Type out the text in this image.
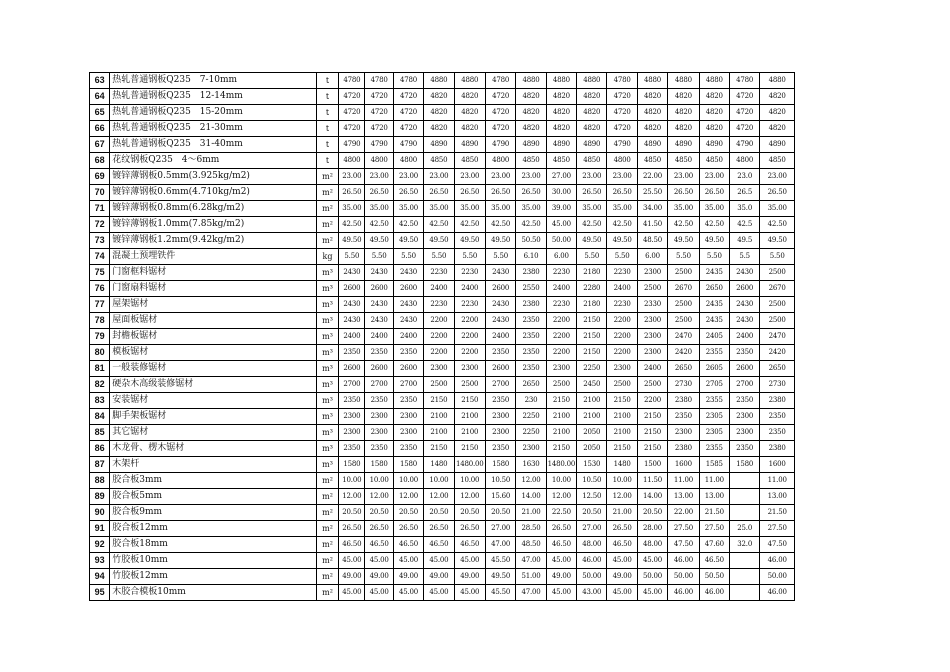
63	热轧普通钢板Q235　7-10mm	t	4780	4780	4780	4880	4880	4780	4880	4880	4880	4780	4880	4880	4880	4780	4880
64	热轧普通钢板Q235　12-14mm	t	4720	4720	4720	4820	4820	4720	4820	4820	4820	4720	4820	4820	4820	4720	4820
65	热轧普通钢板Q235　15-20mm	t	4720	4720	4720	4820	4820	4720	4820	4820	4820	4720	4820	4820	4820	4720	4820
66	热轧普通钢板Q235　21-30mm	t	4720	4720	4720	4820	4820	4720	4820	4820	4820	4720	4820	4820	4820	4720	4820
67	热轧普通钢板Q235　31-40mm	t	4790	4790	4790	4890	4890	4790	4890	4890	4890	4790	4890	4890	4890	4790	4890
68	花纹钢板Q235　4～6mm	t	4800	4800	4800	4850	4850	4800	4850	4850	4850	4800	4850	4850	4850	4800	4850
69	镀锌薄钢板0.5mm(3.925kg/m2)	m²	23.00	23.00	23.00	23.00	23.00	23.00	23.00	27.00	23.00	23.00	22.00	23.00	23.00	23.0	23.00
70	镀锌薄钢板0.6mm(4.710kg/m2)	m²	26.50	26.50	26.50	26.50	26.50	26.50	26.50	30.00	26.50	26.50	25.50	26.50	26.50	26.5	26.50
71	镀锌薄钢板0.8mm(6.28kg/m2)	m²	35.00	35.00	35.00	35.00	35.00	35.00	35.00	39.00	35.00	35.00	34.00	35.00	35.00	35.0	35.00
72	镀锌薄钢板1.0mm(7.85kg/m2)	m²	42.50	42.50	42.50	42.50	42.50	42.50	42.50	45.00	42.50	42.50	41.50	42.50	42.50	42.5	42.50
73	镀锌薄钢板1.2mm(9.42kg/m2)	m²	49.50	49.50	49.50	49.50	49.50	49.50	50.50	50.00	49.50	49.50	48.50	49.50	49.50	49.5	49.50
74	混凝土预埋铁件	kg	5.50	5.50	5.50	5.50	5.50	5.50	6.10	6.00	5.50	5.50	6.00	5.50	5.50	5.5	5.50
75	门窗框料锯材	m³	2430	2430	2430	2230	2230	2430	2380	2230	2180	2230	2300	2500	2435	2430	2500
76	门窗扇料锯材	m³	2600	2600	2600	2400	2400	2600	2550	2400	2280	2400	2500	2670	2650	2600	2670
77	屋架锯材	m³	2430	2430	2430	2230	2230	2430	2380	2230	2180	2230	2330	2500	2435	2430	2500
78	屋面板锯材	m³	2430	2430	2430	2200	2200	2430	2350	2200	2150	2200	2300	2500	2435	2430	2500
79	封檐板锯材	m³	2400	2400	2400	2200	2200	2400	2350	2200	2150	2200	2300	2470	2405	2400	2470
80	模板锯材	m³	2350	2350	2350	2200	2200	2350	2350	2200	2150	2200	2300	2420	2355	2350	2420
81	一般装修锯材	m³	2600	2600	2600	2300	2300	2600	2350	2300	2250	2300	2400	2650	2605	2600	2650
82	硬杂木高级装修锯材	m³	2700	2700	2700	2500	2500	2700	2650	2500	2450	2500	2500	2730	2705	2700	2730
83	安装锯材	m³	2350	2350	2350	2150	2150	2350	230	2150	2100	2150	2200	2380	2355	2350	2380
84	脚手架板锯材	m³	2300	2300	2300	2100	2100	2300	2250	2100	2100	2100	2150	2350	2305	2300	2350
85	其它锯材	m³	2300	2300	2300	2100	2100	2300	2250	2100	2050	2100	2150	2300	2305	2300	2350
86	木龙骨、楞木锯材	m³	2350	2350	2350	2150	2150	2350	2300	2150	2050	2150	2150	2380	2355	2350	2380
87	木架杆	m³	1580	1580	1580	1480	1480.00	1580	1630	1480.00	1530	1480	1500	1600	1585	1580	1600
88	胶合板3mm	m²	10.00	10.00	10.00	10.00	10.00	10.50	12.00	10.00	10.50	10.00	11.50	11.00	11.00		11.00
89	胶合板5mm	m²	12.00	12.00	12.00	12.00	12.00	15.60	14.00	12.00	12.50	12.00	14.00	13.00	13.00		13.00
90	胶合板9mm	m²	20.50	20.50	20.50	20.50	20.50	20.50	21.00	22.50	20.50	21.00	20.50	22.00	21.50		21.50
91	胶合板12mm	m²	26.50	26.50	26.50	26.50	26.50	27.00	28.50	26.50	27.00	26.50	28.00	27.50	27.50	25.0	27.50
92	胶合板18mm	m²	46.50	46.50	46.50	46.50	46.50	47.00	48.50	46.50	48.00	46.50	48.00	47.50	47.60	32.0	47.50
93	竹胶板10mm	m²	45.00	45.00	45.00	45.00	45.00	45.50	47.00	45.00	46.00	45.00	45.00	46.00	46.50		46.00
94	竹胶板12mm	m²	49.00	49.00	49.00	49.00	49.00	49.50	51.00	49.00	50.00	49.00	50.00	50.00	50.50		50.00
95	木胶合模板10mm	m²	45.00	45.00	45.00	45.00	45.00	45.50	47.00	45.00	43.00	45.00	45.00	46.00	46.00		46.00
